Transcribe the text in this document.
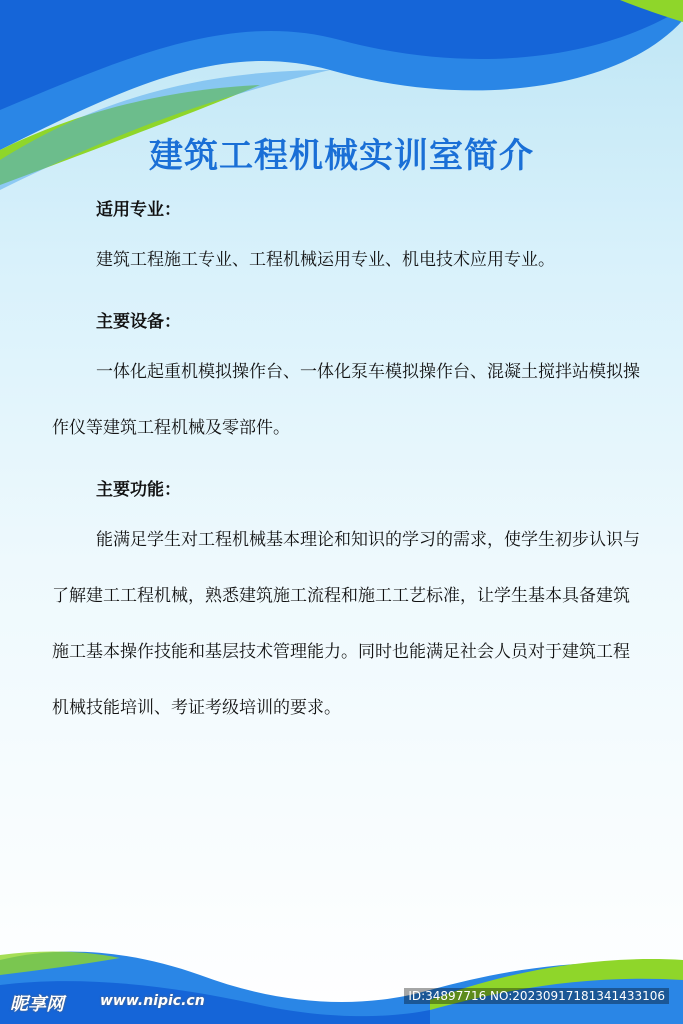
建筑工程机械实训室简介
适用专业：

建筑工程施工专业、工程机械运用专业、机电技术应用专业。

主要设备：

一体化起重机模拟操作台、一体化泵车模拟操作台、混凝土搅拌站模拟操作仪等建筑工程机械及零部件。

主要功能：

能满足学生对工程机械基本理论和知识的学习的需求，使学生初步认识与了解建工工程机械，熟悉建筑施工流程和施工工艺标准，让学生基本具备建筑施工基本操作技能和基层技术管理能力。同时也能满足社会人员对于建筑工程机械技能培训、考证考级培训的要求。

昵享网	www.nipic.cn	ID:34897716 NO:20230917181341433106
